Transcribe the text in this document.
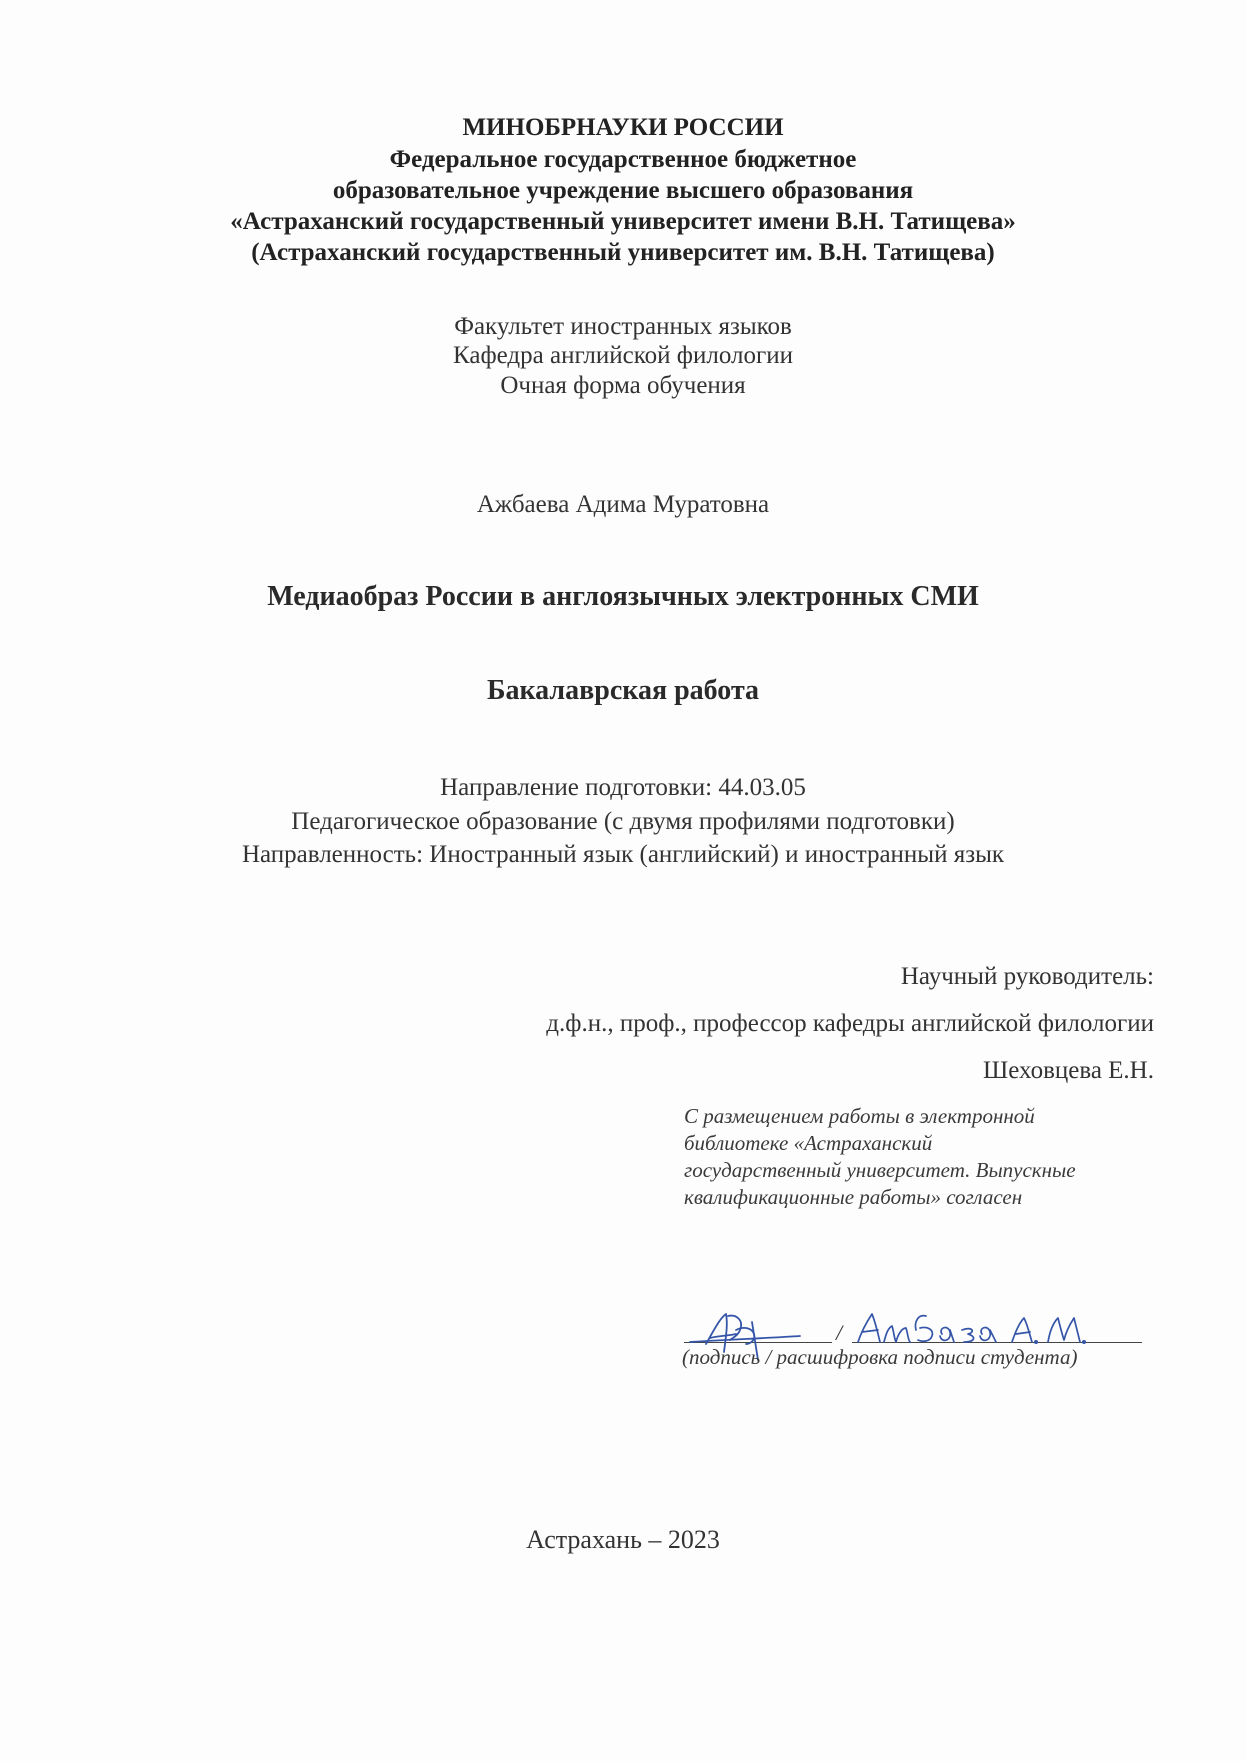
МИНОБРНАУКИ РОССИИ
Федеральное государственное бюджетное
образовательное учреждение высшего образования
«Астраханский государственный университет имени В.Н. Татищева»
(Астраханский государственный университет им. В.Н. Татищева)
Факультет иностранных языков
Кафедра английской филологии
Очная форма обучения
Ажбаева Адима Муратовна
Медиаобраз России в англоязычных электронных СМИ
Бакалаврская работа
Направление подготовки: 44.03.05
Педагогическое образование (с двумя профилями подготовки)
Направленность: Иностранный язык (английский) и иностранный язык
Научный руководитель:
д.ф.н., проф., профессор кафедры английской филологии
Шеховцева Е.Н.
С размещением работы в электронной
библиотеке «Астраханский
государственный университет. Выпускные
квалификационные работы» согласен
/
(подпись / расшифровка подписи студента)
Астрахань – 2023
